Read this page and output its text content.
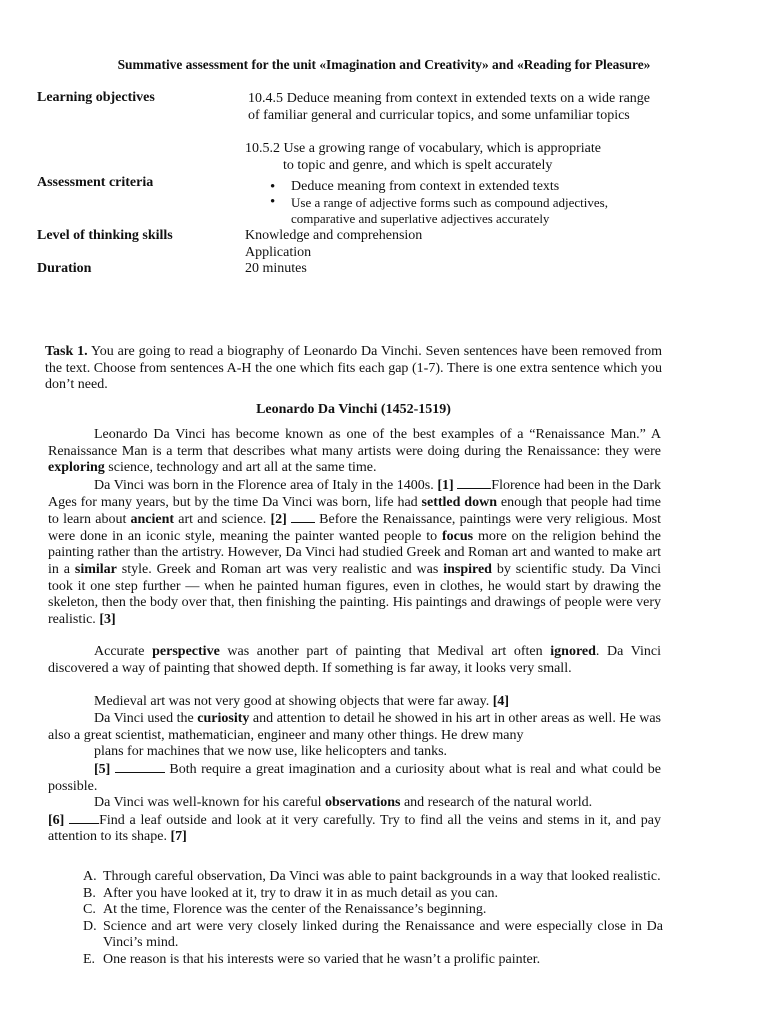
Summative assessment for the unit «Imagination and Creativity» and «Reading for Pleasure»
Learning objectives	10.4.5 Deduce meaning from context in extended texts on a wide range of familiar general and curricular topics, and some unfamiliar topics
10.5.2 Use a growing range of vocabulary, which is appropriate
to topic and genre, and which is spelt accurately
Assessment criteria
•	Deduce meaning from context in extended texts
• Use a range of adjective forms such as compound adjectives, comparative and superlative adjectives accurately
Level of thinking skills	Knowledge and comprehension
Application
Duration	20 minutes
Task 1. You are going to read a biography of Leonardo Da Vinchi. Seven sentences have been removed from the text. Choose from sentences A-H the one which fits each gap (1-7). There is one extra sentence which you don’t need.
Leonardo Da Vinchi (1452-1519)
Leonardo Da Vinci has become known as one of the best examples of a “Renaissance Man.” A Renaissance Man is a term that describes what many artists were doing during the Renaissance: they were exploring science, technology and art all at the same time.
Da Vinci was born in the Florence area of Italy in the 1400s. [1]	Florence had been in the Dark Ages for many years, but by the time Da Vinci was born, life had settled down enough that people had time to learn about ancient art and science. [2]  Before the Renaissance, paintings were very religious. Most were done in an iconic style, meaning the painter wanted people to focus more on the religion behind the painting rather than the artistry. However, Da Vinci had studied Greek and Roman art and wanted to make art in a similar style. Greek and Roman art was very realistic and was inspired by scientific study. Da Vinci took it one step further — when he painted human figures, even in clothes, he would start by drawing the skeleton, then the body over that, then finishing the painting. His paintings and drawings of people were very realistic. [3]
Accurate perspective was another part of painting that Medival art often ignored. Da Vinci discovered a way of painting that showed depth. If something is far away, it looks very small.
Medieval art was not very good at showing objects that were far away. [4]
Da Vinci used the curiosity and attention to detail he showed in his art in other areas as well. He was also a great scientist, mathematician, engineer and many other things. He drew many
plans for machines that we now use, like helicopters and tanks.
[5]	Both require a great imagination and a curiosity about what is real and what could be possible.
Da Vinci was well-known for his careful observations and research of the natural world.
[6] Find a leaf outside and look at it very carefully. Try to find all the veins and stems in it, and pay attention to its shape. [7]
A. Through careful observation, Da Vinci was able to paint backgrounds in a way that looked realistic.
B. After you have looked at it, try to draw it in as much detail as you can.
C. At the time, Florence was the center of the Renaissance’s beginning.
D. Science and art were very closely linked during the Renaissance and were especially close in Da Vinci’s mind.
E. One reason is that his interests were so varied that he wasn’t a prolific painter.
